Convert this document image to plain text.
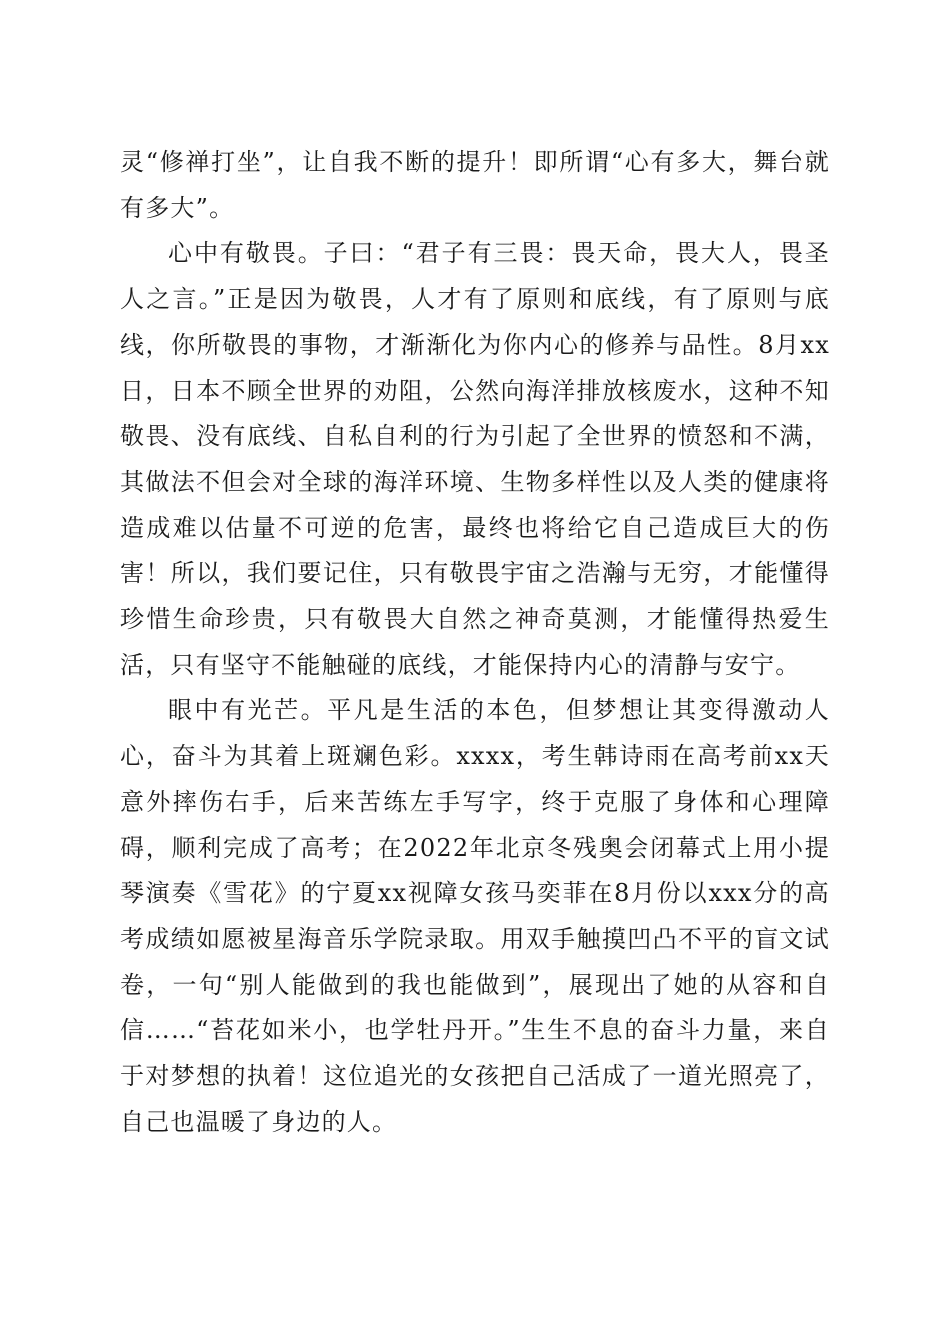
灵“修禅打坐”，让自我不断的提升！即所谓“心有多大，舞台就有多大”。

心中有敬畏。子曰：“君子有三畏：畏天命，畏大人，畏圣人之言。”正是因为敬畏，人才有了原则和底线，有了原则与底线，你所敬畏的事物，才渐渐化为你内心的修养与品性。8月xx日，日本不顾全世界的劝阻，公然向海洋排放核废水，这种不知敬畏、没有底线、自私自利的行为引起了全世界的愤怒和不满，其做法不但会对全球的海洋环境、生物多样性以及人类的健康将造成难以估量不可逆的危害，最终也将给它自己造成巨大的伤害！所以，我们要记住，只有敬畏宇宙之浩瀚与无穷，才能懂得珍惜生命珍贵，只有敬畏大自然之神奇莫测，才能懂得热爱生活，只有坚守不能触碰的底线，才能保持内心的清静与安宁。

眼中有光芒。平凡是生活的本色，但梦想让其变得激动人心，奋斗为其着上斑斓色彩。xxxx，考生韩诗雨在高考前xx天意外摔伤右手，后来苦练左手写字，终于克服了身体和心理障碍，顺利完成了高考；在2022年北京冬残奥会闭幕式上用小提琴演奏《雪花》的宁夏xx视障女孩马奕菲在8月份以xxx分的高考成绩如愿被星海音乐学院录取。用双手触摸凹凸不平的盲文试卷，一句“别人能做到的我也能做到”，展现出了她的从容和自信……“苔花如米小，也学牡丹开。”生生不息的奋斗力量，来自于对梦想的执着！这位追光的女孩把自己活成了一道光照亮了，自己也温暖了身边的人。
